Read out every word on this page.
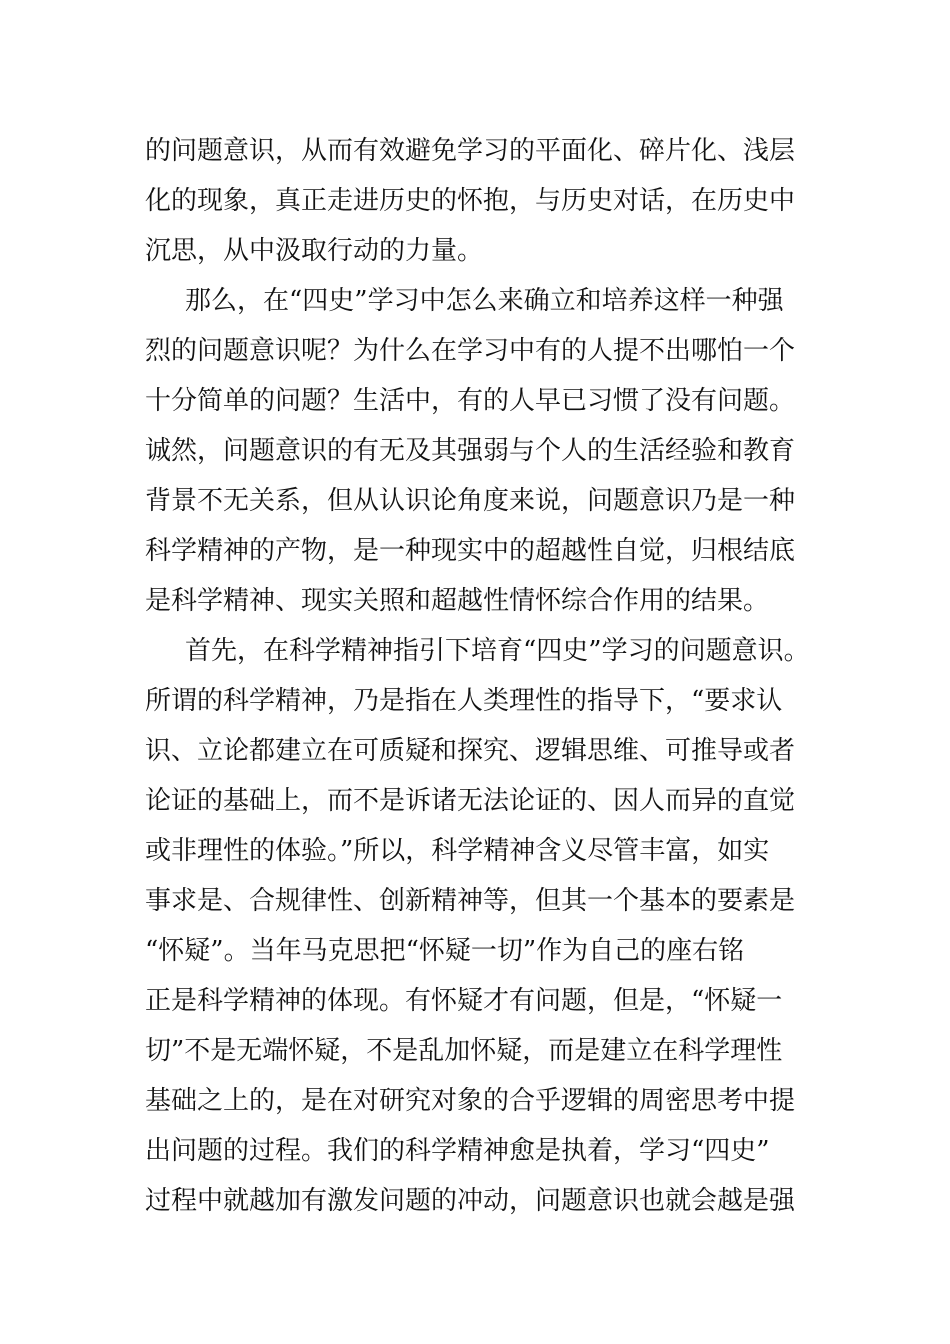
的问题意识，从而有效避免学习的平面化、碎片化、浅层

化的现象，真正走进历史的怀抱，与历史对话，在历史中

沉思，从中汲取行动的力量。

那么，在“四史”学习中怎么来确立和培养这样一种强

烈的问题意识呢？为什么在学习中有的人提不出哪怕一个

十分简单的问题？生活中，有的人早已习惯了没有问题。

诚然，问题意识的有无及其强弱与个人的生活经验和教育

背景不无关系，但从认识论角度来说，问题意识乃是一种

科学精神的产物，是一种现实中的超越性自觉，归根结底

是科学精神、现实关照和超越性情怀综合作用的结果。

首先，在科学精神指引下培育“四史”学习的问题意识。

所谓的科学精神，乃是指在人类理性的指导下，“要求认

识、立论都建立在可质疑和探究、逻辑思维、可推导或者

论证的基础上，而不是诉诸无法论证的、因人而异的直觉

或非理性的体验。”所以，科学精神含义尽管丰富，如实

事求是、合规律性、创新精神等，但其一个基本的要素是

“怀疑”。当年马克思把“怀疑一切”作为自己的座右铭

正是科学精神的体现。有怀疑才有问题，但是，“怀疑一

切”不是无端怀疑，不是乱加怀疑，而是建立在科学理性

基础之上的，是在对研究对象的合乎逻辑的周密思考中提

出问题的过程。我们的科学精神愈是执着，学习“四史”

过程中就越加有激发问题的冲动，问题意识也就会越是强
